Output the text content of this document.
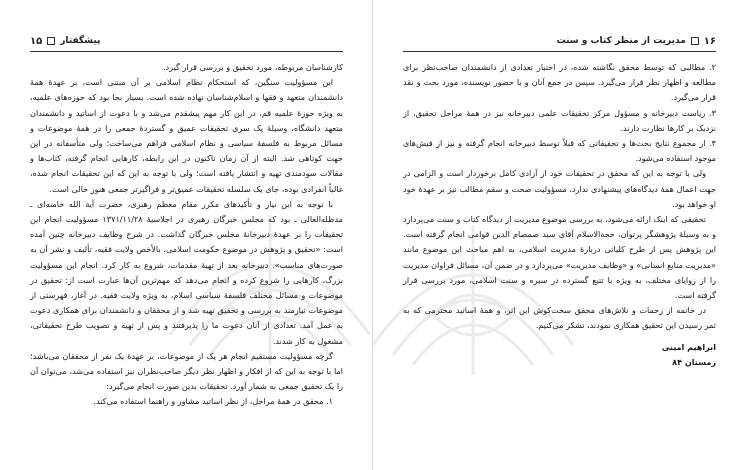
۱۵ پیشگفتار

کارشناسان مربوطه، مورد تحقیق و بررسی قرار گیرد.

این مسؤولیت سنگین، که استحکام نظام اسلامی بر آن مبتنی است، بر عهدهٔ همهٔ دانشمندان متعهد و فقها و اسلام‌شناسان نهاده شده است. بسیار بجا بود که حوزه‌های علمیه، به ویژه حوزهٔ علمیه قم، در این کار مهم پیشقدم می‌شد و با دعوت از اساتید و دانشمندان متعهد دانشگاه، وسیلهٔ یک سری تحقیقات عمیق و گستردهٔ جمعی را در همهٔ موضوعات و مسائل مربوط به فلسفهٔ سیاسی و نظام اسلامی فراهم می‌ساخت؛ ولی متأسفانه در این جهت کوتاهی شد. البته از آن زمان تاکنون در این رابطه، کارهایی انجام گرفته، کتاب‌ها و مقالات سودمندی تهیه و انتشار یافته است؛ ولی با توجه به این که این تحقیقات انجام شده، غالباً انفرادی بوده، جای یک سلسله تحقیقات عمیق‌تر و فراگیرتر جمعی هنوز خالی است.

با توجه به این نیاز و تأکیدهای مکرر مقام معظم رهبری، حضرت آیة الله خامنه‌ای ـ مدظله‌العالی ـ بود که مجلس خبرگان رهبری در اجلاسیهٔ ۱۳۷۱/۱۱/۲۸ مسؤولیت انجام این تحقیقات را بر عهدهٔ دبیرخانهٔ مجلس خبرگان گذاشت. در شرح وظایف دبیرخانه چنین آمده است: «تحقیق و پژوهش در موضوع حکومت اسلامی، بالأخص ولایت فقیه، تألیف و نشر آن به صورت‌های مناسب». دبیرخانه بعد از تهیهٔ مقدمات، شروع به کار کرد. انجام این مسؤولیت بزرگ، کارهایی را شروع کرده و انجام می‌دهد که مهم‌ترین آن‌ها عبارت است از: تحقیق در موضوعات و مسائل مختلف فلسفهٔ سیاسی اسلام، به ویژه ولایت فقیه. در آغاز، فهرستی از موضوعات نیازمند به بررسی و تحقیق تهیه شد و از محققان و دانشمندان برای همکاری دعوت به عمل آمد. تعدادی از آنان دعوت ما را پذیرفتند و پس از تهیه و تصویب طرح تحقیقاتی، مشغول به کار شدند.

گرچه مسؤولیت مستقیم انجام هر یک از موضوعات، بر عهدهٔ یک نفر از محققان می‌باشد؛ اما با توجه به این که از افکار و اظهار نظر دیگر صاحب‌نظران نیز استفاده می‌شد، می‌توان آن را یک تحقیق جمعی به شمار آورد. تحقیقات بدین صورت انجام می‌گیرد:

۱. محقق در همهٔ مراحل، از نظر اساتید مشاور و راهنما استفاده می‌کند.

مدیریت از منظر کتاب و سنت ۱۶

۲. مطالبی که توسط محقق نگاشته شده، در اختیار تعدادی از دانشمندان صاحب‌نظر برای مطالعه و اظهار نظر قرار می‌گیرد. سپس در جمع آنان و با حضور نویسنده، مورد بحث و نقد قرار می‌گیرد.

۳. ریاست دبیرخانه و مسؤول مرکز تحقیقات علمی دبیرخانه نیز در همهٔ مراحل تحقیق، از نزدیک بر کارها نظارت دارند.

۴. از مجموع نتایج بحث‌ها و تحقیقاتی که قبلاً توسط دبیرخانه انجام گرفته و نیز از فیش‌های موجود استفاده می‌شود.

ولی با توجه به این که محقق در تحقیقات خود از آزادی کامل برخوردار است و الزامی در جهت اعمال همهٔ دیدگاه‌های پیشنهادی ندارد، مسؤولیت صحت و سقم مطالب نیز بر عهدهٔ خود او خواهد بود.

تحقیقی که اینک ارائه می‌شود، به بررسی موضوع مدیریت از دیدگاه کتاب و سنت می‌پردازد و به وسیلهٔ پژوهشگر پرتوان، حجةالاسلام آقای سید صمصام الدین قوامی انجام گرفته است. این پژوهش پس از طرح کلیاتی دربارهٔ مدیریت اسلامی، به اهم مباحث این موضوع مانند «مدیریت منابع انسانی» و «وظایف مدیریت» می‌پردازد و در ضمن آن، مسائل فراوان مدیریت را از زوایای مختلف، به ویژه با تتبع گسترده در سیره و سنت اسلامی، مورد بررسی قرار گرفته است.

در خاتمه از زحمات و تلاش‌های محقق سخت‌کوش این اثر، و همهٔ اساتید محترمی که به ثمر رسیدن این تحقیق همکاری نمودند، تشکر می‌کنیم.

ابراهیم امینی

زمستان ۸۴
